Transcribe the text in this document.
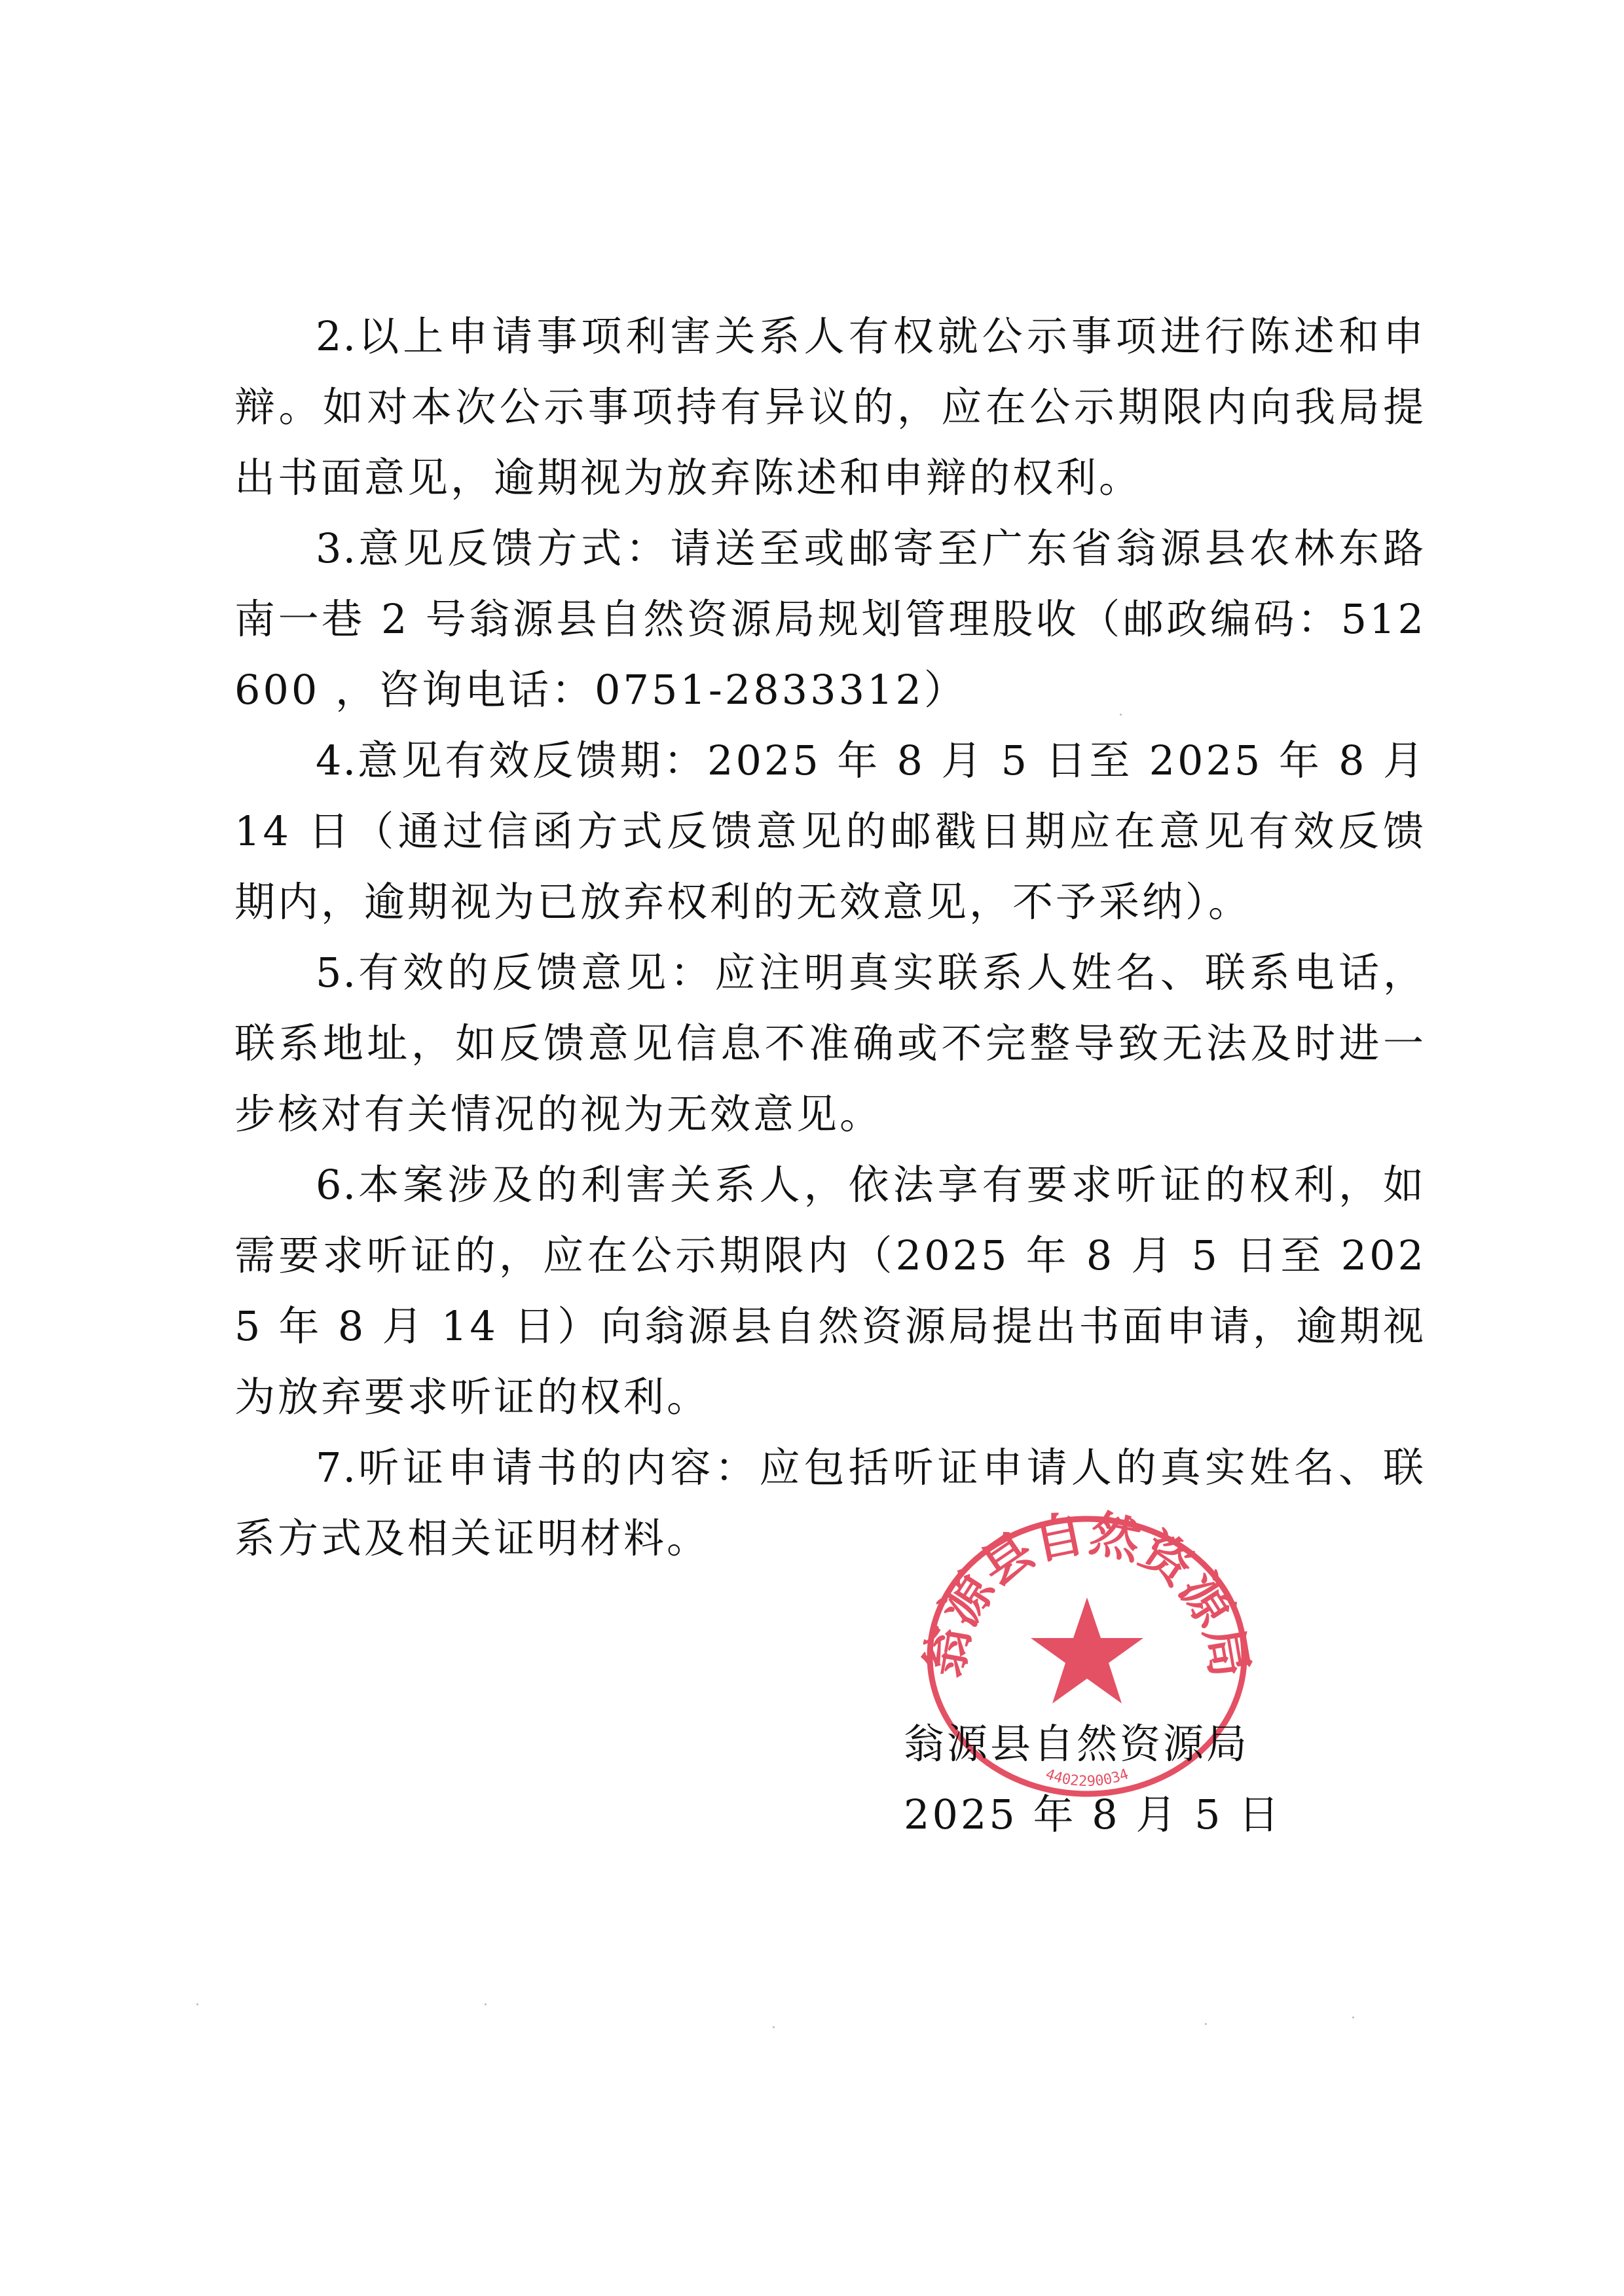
2.以上申请事项利害关系人有权就公示事项进行陈述和申辩。如对本次公示事项持有异议的，应在公示期限内向我局提出书面意见，逾期视为放弃陈述和申辩的权利。

3.意见反馈方式：请送至或邮寄至广东省翁源县农林东路南一巷 2 号翁源县自然资源局规划管理股收（邮政编码：512600 ，咨询电话：0751-2833312）

4.意见有效反馈期：2025 年 8 月 5 日至 2025 年 8 月 14 日（通过信函方式反馈意见的邮戳日期应在意见有效反馈期内，逾期视为已放弃权利的无效意见，不予采纳）。

5.有效的反馈意见：应注明真实联系人姓名、联系电话，联系地址，如反馈意见信息不准确或不完整导致无法及时进一步核对有关情况的视为无效意见。

6.本案涉及的利害关系人，依法享有要求听证的权利，如需要求听证的，应在公示期限内（2025 年 8 月 5 日至 2025 年 8 月 14 日）向翁源县自然资源局提出书面申请，逾期视为放弃要求听证的权利。

7.听证申请书的内容：应包括听证申请人的真实姓名、联系方式及相关证明材料。

翁源县自然资源局
4402290034
翁源县自然资源局
2025 年 8 月 5 日
